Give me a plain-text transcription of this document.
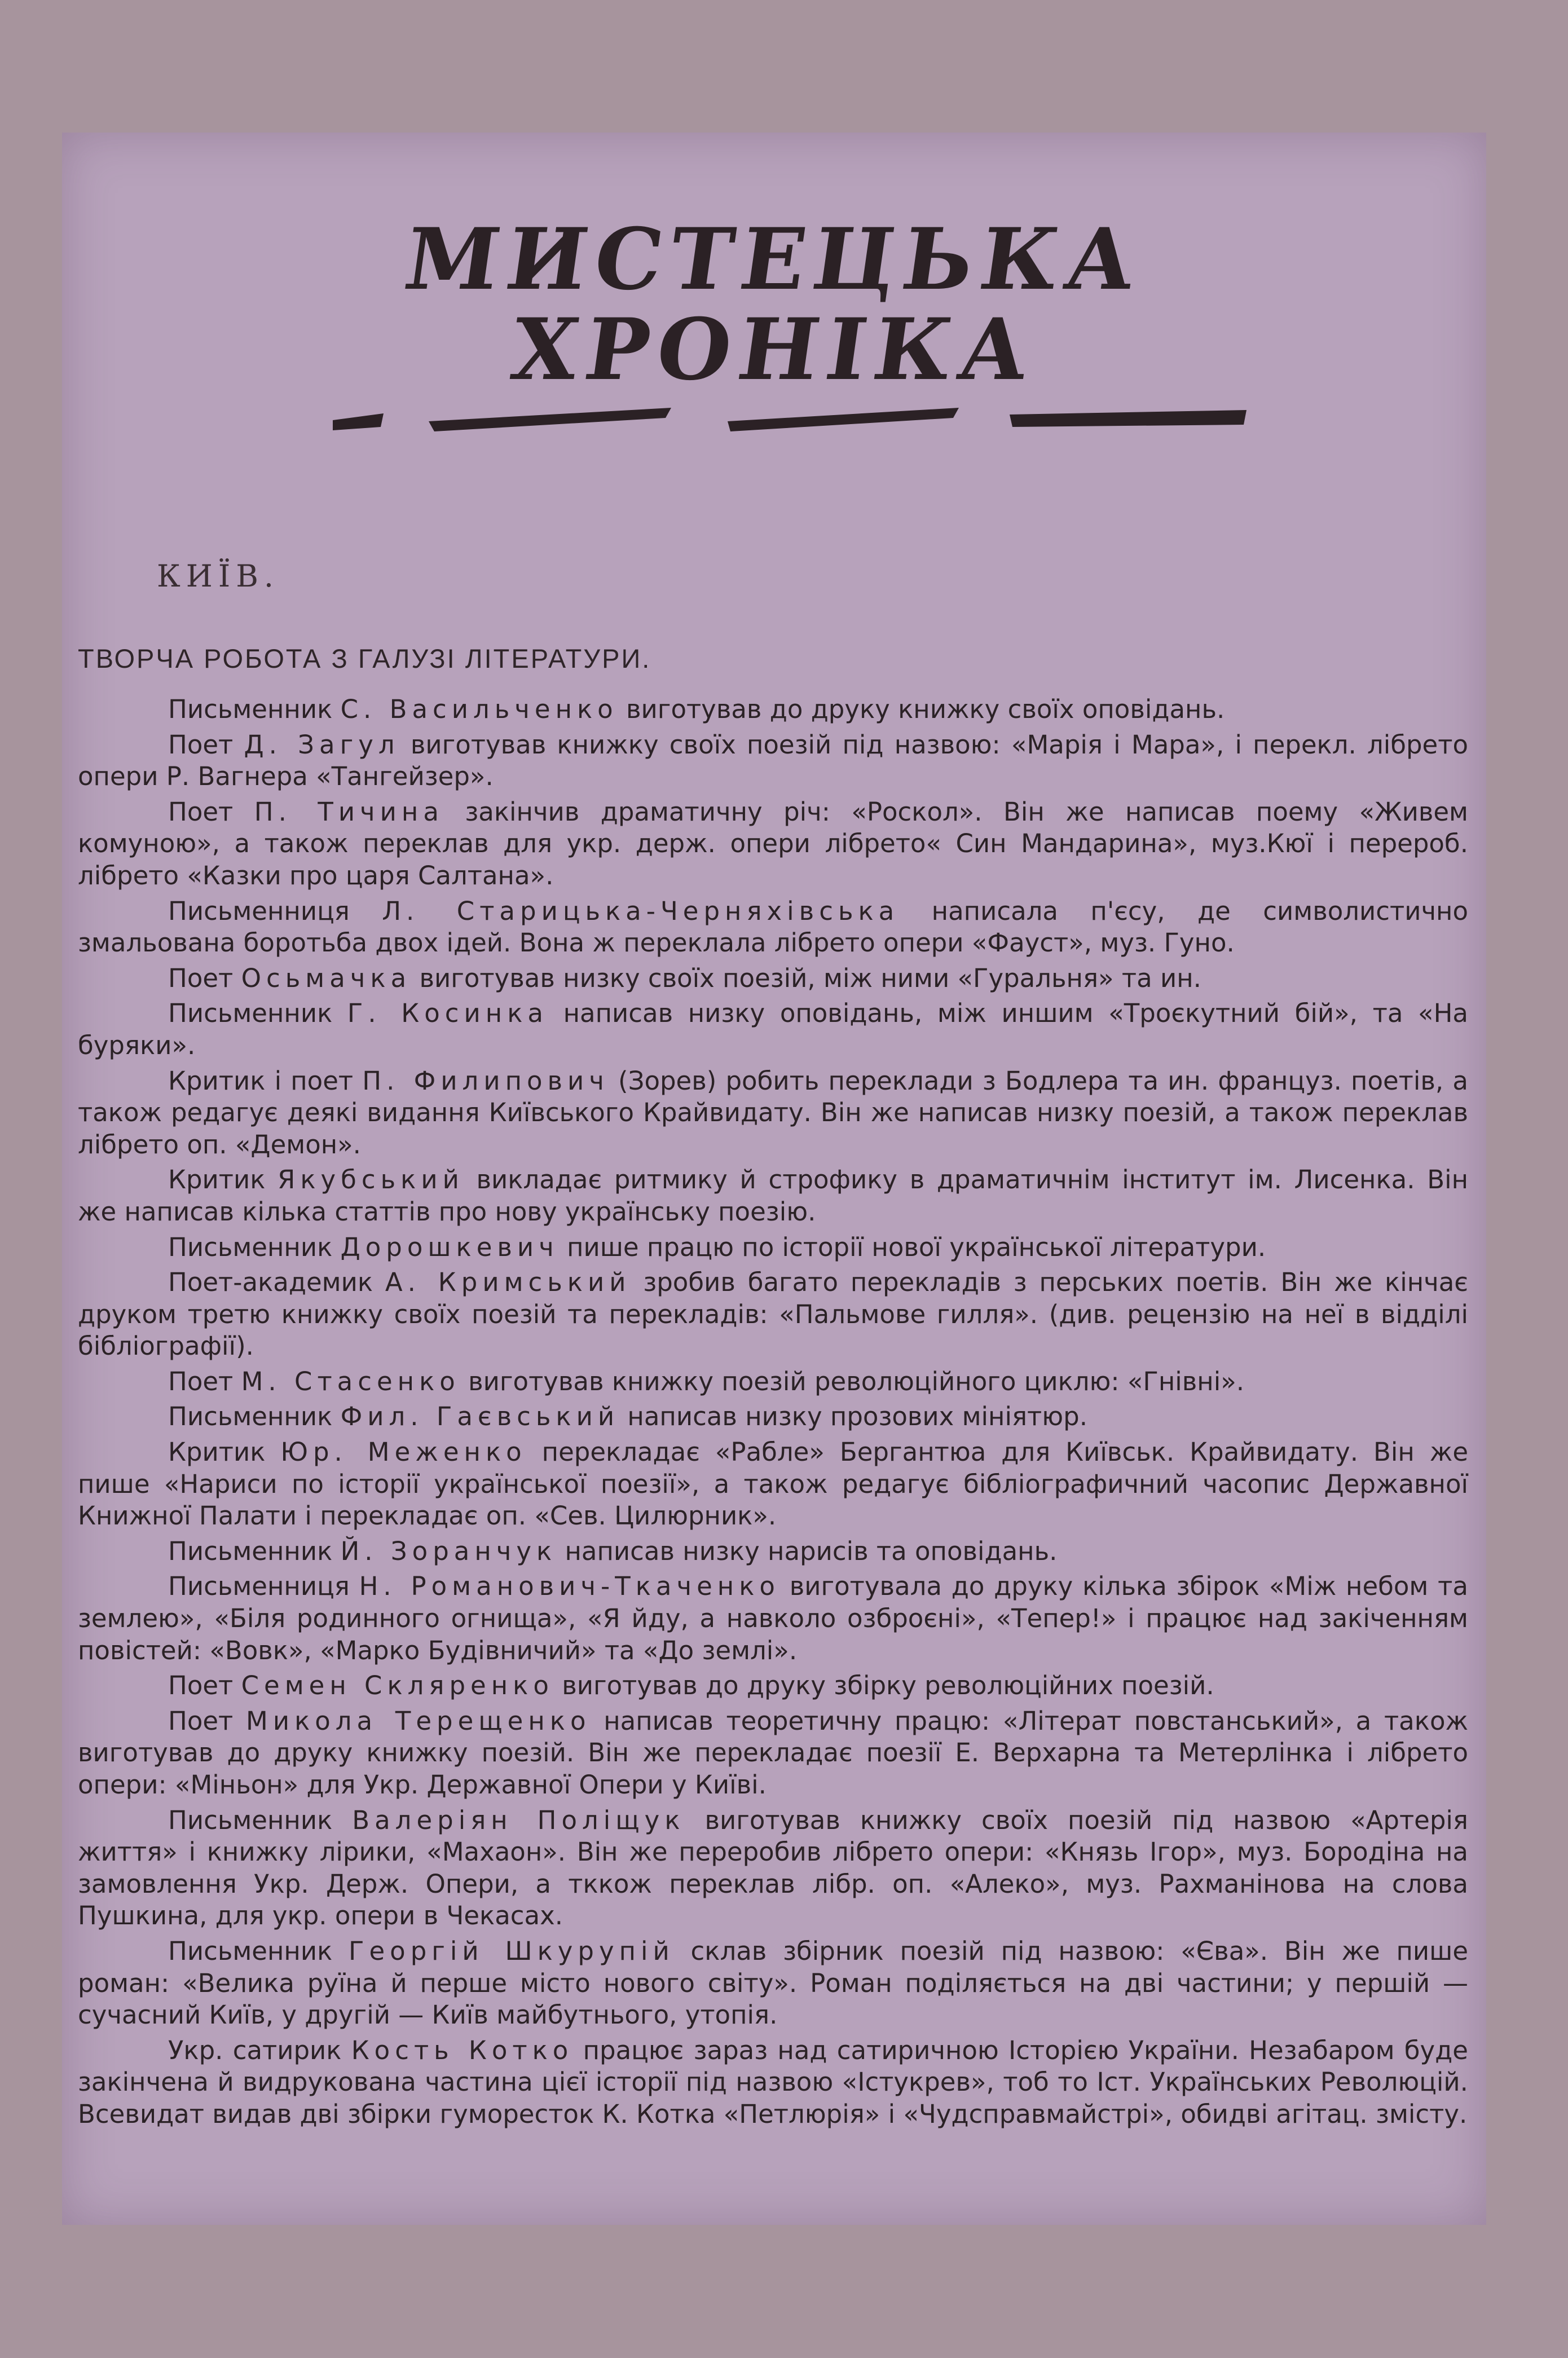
МИСТЕЦЬКА
ХРОНІКА
КИЇВ.
ТВОРЧА РОБОТА З ГАЛУЗІ ЛІТЕРАТУРИ.

Письменник С. Васильченко виготував до друку книжку своїх оповідань.

Поет Д. Загул виготував книжку своїх поезій під назвою: «Марія і Мара», і перекл. лібрето опери Р. Вагнера «Тангейзер».

Поет П. Тичина закінчив драматичну річ: «Роскол». Він же написав поему «Живем комуною», а також переклав для укр. держ. опери лібрето« Син Мандарина», муз.Кюї і перероб. лібрето «Казки про царя Салтана».

Письменниця Л. Старицька-Черняхівська написала п'єсу, де символистично змальована боротьба двох ідей. Вона ж переклала лібрето опери «Фауст», муз. Гуно.

Поет Осьмачка виготував низку своїх поезій, між ними «Гуральня» та ин.

Письменник Г. Косинка написав низку оповідань, між иншим «Троєкутний бій», та «На буряки».

Критик і поет П. Филипович (Зорев) робить переклади з Бодлера та ин. француз. поетів, а також редагує деякі видання Київського Крайвидату. Він же написав низку поезій, а також переклав лібрето оп. «Демон».

Критик Якубський викладає ритмику й строфику в драматичнім інститут ім. Лисенка. Він же написав кілька статтів про нову українську поезію.

Письменник Дорошкевич пише працю по історії нової української літератури.

Поет-академик А. Кримський зробив багато перекладів з перських поетів. Він же кінчає друком третю книжку своїх поезій та перекладів: «Пальмове гилля». (див. рецензію на неї в відділі бібліографії).

Поет М. Стасенко виготував книжку поезій революційного циклю: «Гнівні».

Письменник Фил. Гаєвський написав низку прозових мініятюр.

Критик Юр. Меженко перекладає «Рабле» Бергантюа для Київськ. Крайвидату. Він же пише «Нариси по історії української поезії», а також редагує бібліографичний часопис Державної Книжної Палати і перекладає оп. «Сев. Цилюрник».

Письменник Й. Зоранчук написав низку нарисів та оповідань.

Письменниця Н. Романович-Ткаченко виготувала до друку кілька збірок «Між небом та землею», «Біля родинного огнища», «Я йду, а навколо озброєні», «Тепер!» і працює над закіченням повістей: «Вовк», «Марко Будівничий» та «До землі».

Поет Семен Скляренко виготував до друку збірку революційних поезій.

Поет Микола Терещенко написав теоретичну працю: «Літерат повстанський», а також виготував до друку книжку поезій. Він же перекладає поезії Е. Верхарна та Метерлінка і лібрето опери: «Міньон» для Укр. Державної Опери у Київі.

Письменник Валеріян Поліщук виготував книжку своїх поезій під назвою «Артерія життя» і книжку лірики, «Махаон». Він же переробив лібрето опери: «Князь Ігор», муз. Бородіна на замовлення Укр. Держ. Опери, а тккож переклав лібр. оп. «Алеко», муз. Рахманінова на слова Пушкина, для укр. опери в Чекасах.

Письменник Георгій Шкурупій склав збірник поезій під назвою: «Єва». Він же пише роман: «Велика руїна й перше місто нового світу». Роман поділяється на дві частини; у першій — сучасний Київ, у другій — Київ майбутнього, утопія.

Укр. сатирик Кость Котко працює зараз над сатиричною Історією України. Незабаром буде закінчена й видрукована частина цієї історії під назвою «Істукрев», тоб то Іст. Українських Революцій. Всевидат видав дві збірки гуморесток К. Котка «Петлюрія» і «Чудсправмайстрі», обидві агітац. змісту.
